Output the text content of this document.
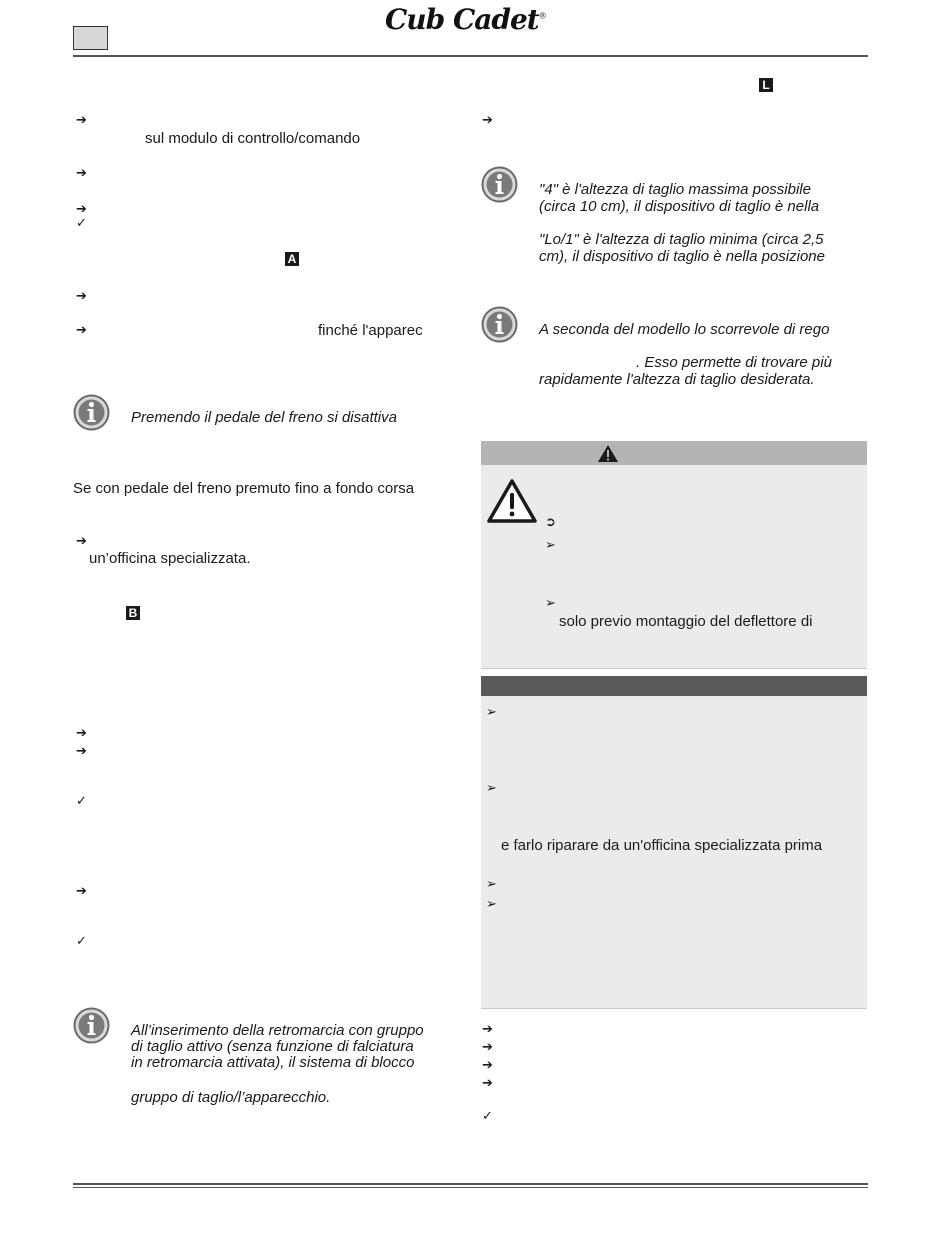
Cub Cadet®
L
A
B
➔
sul modulo di controllo/comando
➔
➔
✓
➔
➔	finché l'apparec
Premendo il pedale del freno si disattiva
Se con pedale del freno premuto fino a fondo corsa
➔
un’officina specializzata.
➔
➔
✓
➔
✓
All’inserimento della retromarcia con gruppo
di taglio attivo (senza funzione di falciatura
in retromarcia attivata), il sistema di blocco
gruppo di taglio/l’apparecchio.
➔
"4" è l'altezza di taglio massima possibile
(circa 10 cm), il dispositivo di taglio è nella
"Lo/1" è l'altezza di taglio minima (circa 2,5
cm), il dispositivo di taglio è nella posizione
A seconda del modello lo scorrevole di rego
. Esso permette di trovare più
rapidamente l'altezza di taglio desiderata.
➲
➢
➢
solo previo montaggio del deflettore di
➢
➢
e farlo riparare da un'officina specializzata prima
➢
➢
➔
➔
➔
➔
✓
